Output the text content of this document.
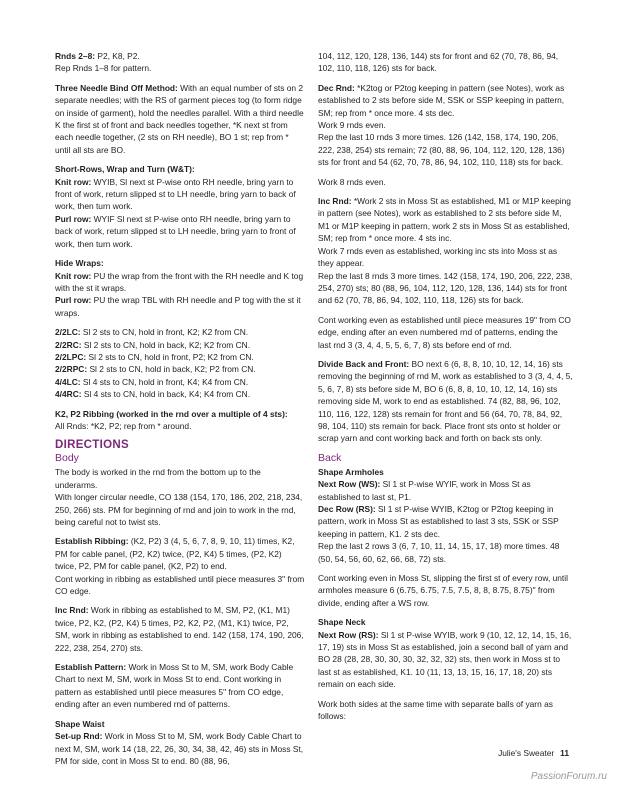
Rnds 2–8: P2, K8, P2.
Rep Rnds 1–8 for pattern.

Three Needle Bind Off Method: With an equal number of sts on 2 separate needles; with the RS of garment pieces tog (to form ridge on inside of garment), hold the needles parallel. With a third needle K the first st of front and back needles together, *K next st from each needle together, (2 sts on RH needle), BO 1 st; rep from * until all sts are BO.

Short-Rows, Wrap and Turn (W&T):
Knit row: WYIB, Sl next st P-wise onto RH needle, bring yarn to front of work, return slipped st to LH needle, bring yarn to back of work, then turn work.
Purl row: WYIF Sl next st P-wise onto RH needle, bring yarn to back of work, return slipped st to LH needle, bring yarn to front of work, then turn work.

Hide Wraps:
Knit row: PU the wrap from the front with the RH needle and K tog with the st it wraps.
Purl row: PU the wrap TBL with RH needle and P tog with the st it wraps.

2/2LC: Sl 2 sts to CN, hold in front, K2; K2 from CN.
2/2RC: Sl 2 sts to CN, hold in back, K2; K2 from CN.
2/2LPC: Sl 2 sts to CN, hold in front, P2; K2 from CN.
2/2RPC: Sl 2 sts to CN, hold in back, K2; P2 from CN.
4/4LC: Sl 4 sts to CN, hold in front, K4; K4 from CN.
4/4RC: Sl 4 sts to CN, hold in back, K4; K4 from CN.

K2, P2 Ribbing (worked in the rnd over a multiple of 4 sts):
All Rnds: *K2, P2; rep from * around.

DIRECTIONS
Body

The body is worked in the rnd from the bottom up to the underarms.

With longer circular needle, CO 138 (154, 170, 186, 202, 218, 234, 250, 266) sts. PM for beginning of rnd and join to work in the rnd, being careful not to twist sts.

Establish Ribbing: (K2, P2) 3 (4, 5, 6, 7, 8, 9, 10, 11) times, K2, PM for cable panel, (P2, K2) twice, (P2, K4) 5 times, (P2, K2) twice, P2, PM for cable panel, (K2, P2) to end.
Cont working in ribbing as established until piece measures 3" from CO edge.

Inc Rnd: Work in ribbing as established to M, SM, P2, (K1, M1) twice, P2, K2, (P2, K4) 5 times, P2, K2, P2, (M1, K1) twice, P2, SM, work in ribbing as established to end. 142 (158, 174, 190, 206, 222, 238, 254, 270) sts.

Establish Pattern: Work in Moss St to M, SM, work Body Cable Chart to next M, SM, work in Moss St to end. Cont working in pattern as established until piece measures 5" from CO edge, ending after an even numbered rnd of patterns.

Shape Waist
Set-up Rnd: Work in Moss St to M, SM, work Body Cable Chart to next M, SM, work 14 (18, 22, 26, 30, 34, 38, 42, 46) sts in Moss St, PM for side, cont in Moss St to end. 80 (88, 96,

104, 112, 120, 128, 136, 144) sts for front and 62 (70, 78, 86, 94, 102, 110, 118, 126) sts for back.

Dec Rnd: *K2tog or P2tog keeping in pattern (see Notes), work as established to 2 sts before side M, SSK or SSP keeping in pattern, SM; rep from * once more. 4 sts dec.
Work 9 rnds even.
Rep the last 10 rnds 3 more times. 126 (142, 158, 174, 190, 206, 222, 238, 254) sts remain; 72 (80, 88, 96, 104, 112, 120, 128, 136) sts for front and 54 (62, 70, 78, 86, 94, 102, 110, 118) sts for back.

Work 8 rnds even.

Inc Rnd: *Work 2 sts in Moss St as established, M1 or M1P keeping in pattern (see Notes), work as established to 2 sts before side M, M1 or M1P keeping in pattern, work 2 sts in Moss St as established, SM; rep from * once more. 4 sts inc.
Work 7 rnds even as established, working inc sts into Moss st as they appear.
Rep the last 8 rnds 3 more times. 142 (158, 174, 190, 206, 222, 238, 254, 270) sts; 80 (88, 96, 104, 112, 120, 128, 136, 144) sts for front and 62 (70, 78, 86, 94, 102, 110, 118, 126) sts for back.

Cont working even as established until piece measures 19" from CO edge, ending after an even numbered rnd of patterns, ending the last rnd 3 (3, 4, 4, 5, 5, 6, 7, 8) sts before end of rnd.

Divide Back and Front: BO next 6 (6, 8, 8, 10, 10, 12, 14, 16) sts removing the beginning of rnd M, work as established to 3 (3, 4, 4, 5, 5, 6, 7, 8) sts before side M, BO 6 (6, 8, 8, 10, 10, 12, 14, 16) sts removing side M, work to end as established. 74 (82, 88, 96, 102, 110, 116, 122, 128) sts remain for front and 56 (64, 70, 78, 84, 92, 98, 104, 110) sts remain for back. Place front sts onto st holder or scrap yarn and cont working back and forth on back sts only.

Back

Shape Armholes
Next Row (WS): Sl 1 st P-wise WYIF, work in Moss St as established to last st, P1.
Dec Row (RS): Sl 1 st P-wise WYIB, K2tog or P2tog keeping in pattern, work in Moss St as established to last 3 sts, SSK or SSP keeping in pattern, K1. 2 sts dec.
Rep the last 2 rows 3 (6, 7, 10, 11, 14, 15, 17, 18) more times. 48 (50, 54, 56, 60, 62, 66, 68, 72) sts.

Cont working even in Moss St, slipping the first st of every row, until armholes measure 6 (6.75, 6.75, 7.5, 7.5, 8, 8, 8.75, 8.75)" from divide, ending after a WS row.

Shape Neck
Next Row (RS): Sl 1 st P-wise WYIB, work 9 (10, 12, 12, 14, 15, 16, 17, 19) sts in Moss St as established, join a second ball of yarn and BO 28 (28, 28, 30, 30, 30, 32, 32, 32) sts, then work in Moss st to last st as established, K1. 10 (11, 13, 13, 15, 16, 17, 18, 20) sts remain on each side.

Work both sides at the same time with separate balls of yarn as follows:

Julie's Sweater 11
PassionForum.ru
